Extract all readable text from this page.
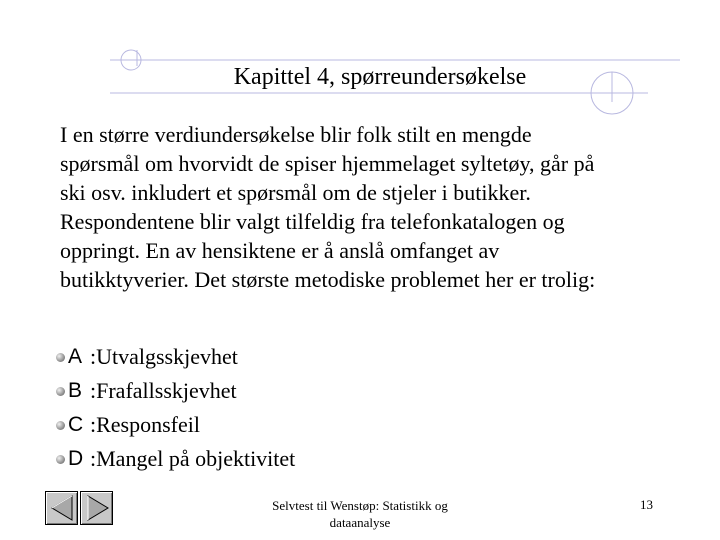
Kapittel 4, spørreundersøkelse
I en større verdiundersøkelse blir folk stilt en mengde
spørsmål om hvorvidt de spiser hjemmelaget syltetøy, går på
ski osv. inkludert et spørsmål om de stjeler i butikker.
Respondentene blir valgt tilfeldig fra telefonkatalogen og
oppringt. En av hensiktene er å anslå omfanget av
butikktyverier. Det største metodiske problemet her er trolig:
A :Utvalgsskjevhet
B :Frafallsskjevhet
C :Responsfeil
D :Mangel på objektivitet
Selvtest til Wenstøp: Statistikk og
dataanalyse
13
